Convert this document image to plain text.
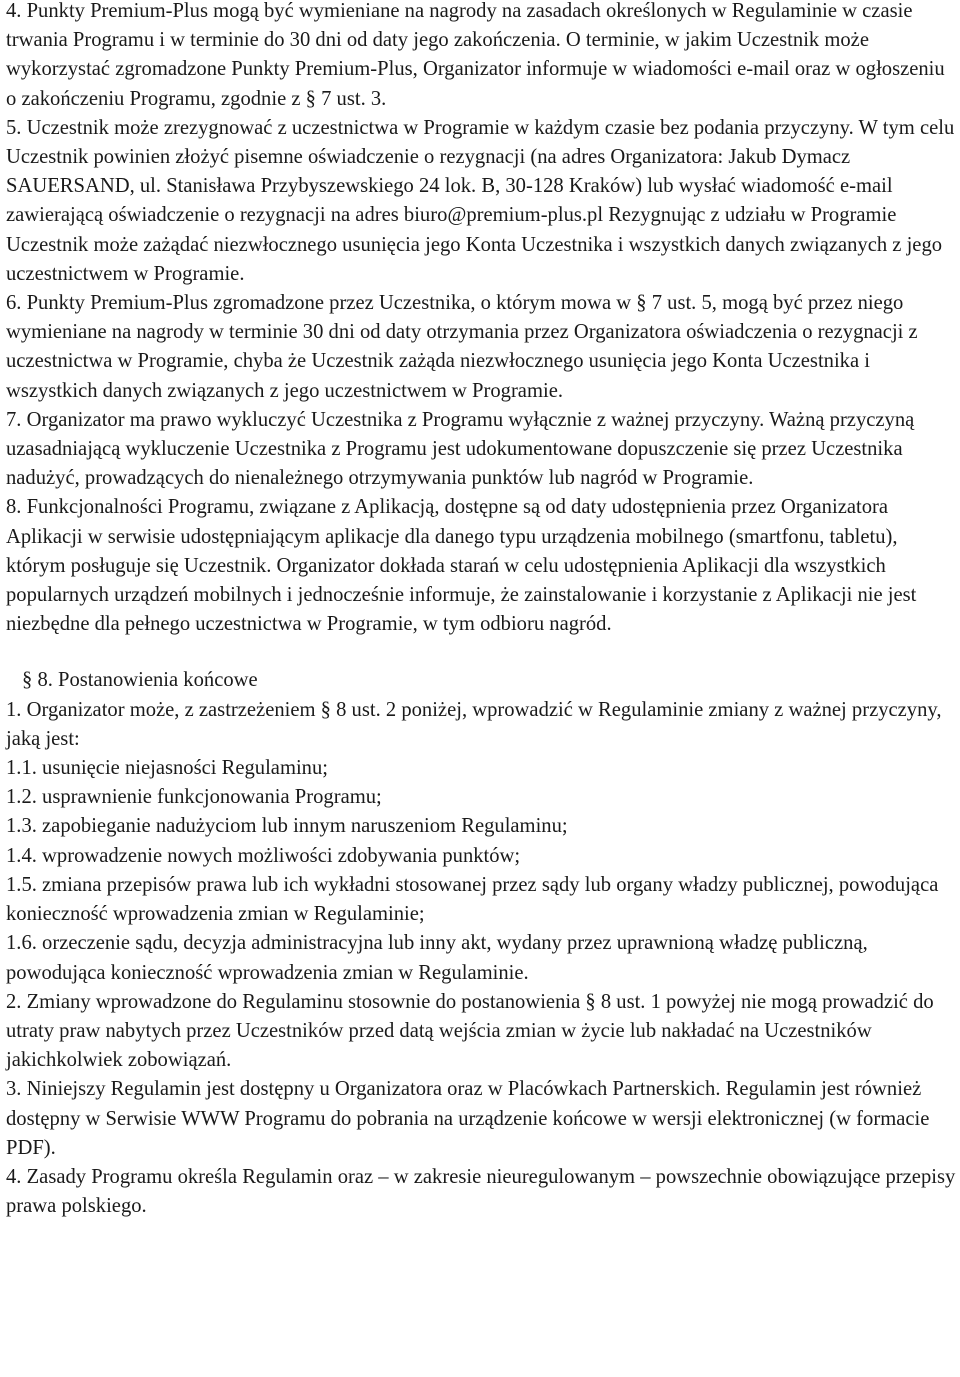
4. Punkty Premium-Plus mogą być wymieniane na nagrody na zasadach określonych w Regulaminie w czasie trwania Programu i w terminie do 30 dni od daty jego zakończenia. O terminie, w jakim Uczestnik może wykorzystać zgromadzone Punkty Premium-Plus, Organizator informuje w wiadomości e-mail oraz w ogłoszeniu o zakończeniu Programu, zgodnie z § 7 ust. 3.
5. Uczestnik może zrezygnować z uczestnictwa w Programie w każdym czasie bez podania przyczyny. W tym celu Uczestnik powinien złożyć pisemne oświadczenie o rezygnacji (na adres Organizatora: Jakub Dymacz SAUERSAND, ul. Stanisława Przybyszewskiego 24 lok. B, 30-128 Kraków) lub wysłać wiadomość e-mail zawierającą oświadczenie o rezygnacji na adres biuro@premium-plus.pl Rezygnując z udziału w Programie Uczestnik może zażądać niezwłocznego usunięcia jego Konta Uczestnika i wszystkich danych związanych z jego uczestnictwem w Programie.
6. Punkty Premium-Plus zgromadzone przez Uczestnika, o którym mowa w § 7 ust. 5, mogą być przez niego wymieniane na nagrody w terminie 30 dni od daty otrzymania przez Organizatora oświadczenia o rezygnacji z uczestnictwa w Programie, chyba że Uczestnik zażąda niezwłocznego usunięcia jego Konta Uczestnika i wszystkich danych związanych z jego uczestnictwem w Programie.
7. Organizator ma prawo wykluczyć Uczestnika z Programu wyłącznie z ważnej przyczyny. Ważną przyczyną uzasadniającą wykluczenie Uczestnika z Programu jest udokumentowane dopuszczenie się przez Uczestnika nadużyć, prowadzących do nienależnego otrzymywania punktów lub nagród w Programie.
8. Funkcjonalności Programu, związane z Aplikacją, dostępne są od daty udostępnienia przez Organizatora Aplikacji w serwisie udostępniającym aplikacje dla danego typu urządzenia mobilnego (smartfonu, tabletu), którym posługuje się Uczestnik. Organizator dokłada starań w celu udostępnienia Aplikacji dla wszystkich popularnych urządzeń mobilnych i jednocześnie informuje, że zainstalowanie i korzystanie z Aplikacji nie jest niezbędne dla pełnego uczestnictwa w Programie, w tym odbioru nagród.
§ 8. Postanowienia końcowe
1. Organizator może, z zastrzeżeniem § 8 ust. 2 poniżej, wprowadzić w Regulaminie zmiany z ważnej przyczyny, jaką jest:
1.1. usunięcie niejasności Regulaminu;
1.2. usprawnienie funkcjonowania Programu;
1.3. zapobieganie nadużyciom lub innym naruszeniom Regulaminu;
1.4. wprowadzenie nowych możliwości zdobywania punktów;
1.5. zmiana przepisów prawa lub ich wykładni stosowanej przez sądy lub organy władzy publicznej, powodująca konieczność wprowadzenia zmian w Regulaminie;
1.6. orzeczenie sądu, decyzja administracyjna lub inny akt, wydany przez uprawnioną władzę publiczną, powodująca konieczność wprowadzenia zmian w Regulaminie.
2. Zmiany wprowadzone do Regulaminu stosownie do postanowienia § 8 ust. 1 powyżej nie mogą prowadzić do utraty praw nabytych przez Uczestników przed datą wejścia zmian w życie lub nakładać na Uczestników jakichkolwiek zobowiązań.
3. Niniejszy Regulamin jest dostępny u Organizatora oraz w Placówkach Partnerskich. Regulamin jest również dostępny w Serwisie WWW Programu do pobrania na urządzenie końcowe w wersji elektronicznej (w formacie PDF).
4. Zasady Programu określa Regulamin oraz – w zakresie nieuregulowanym – powszechnie obowiązujące przepisy prawa polskiego.
